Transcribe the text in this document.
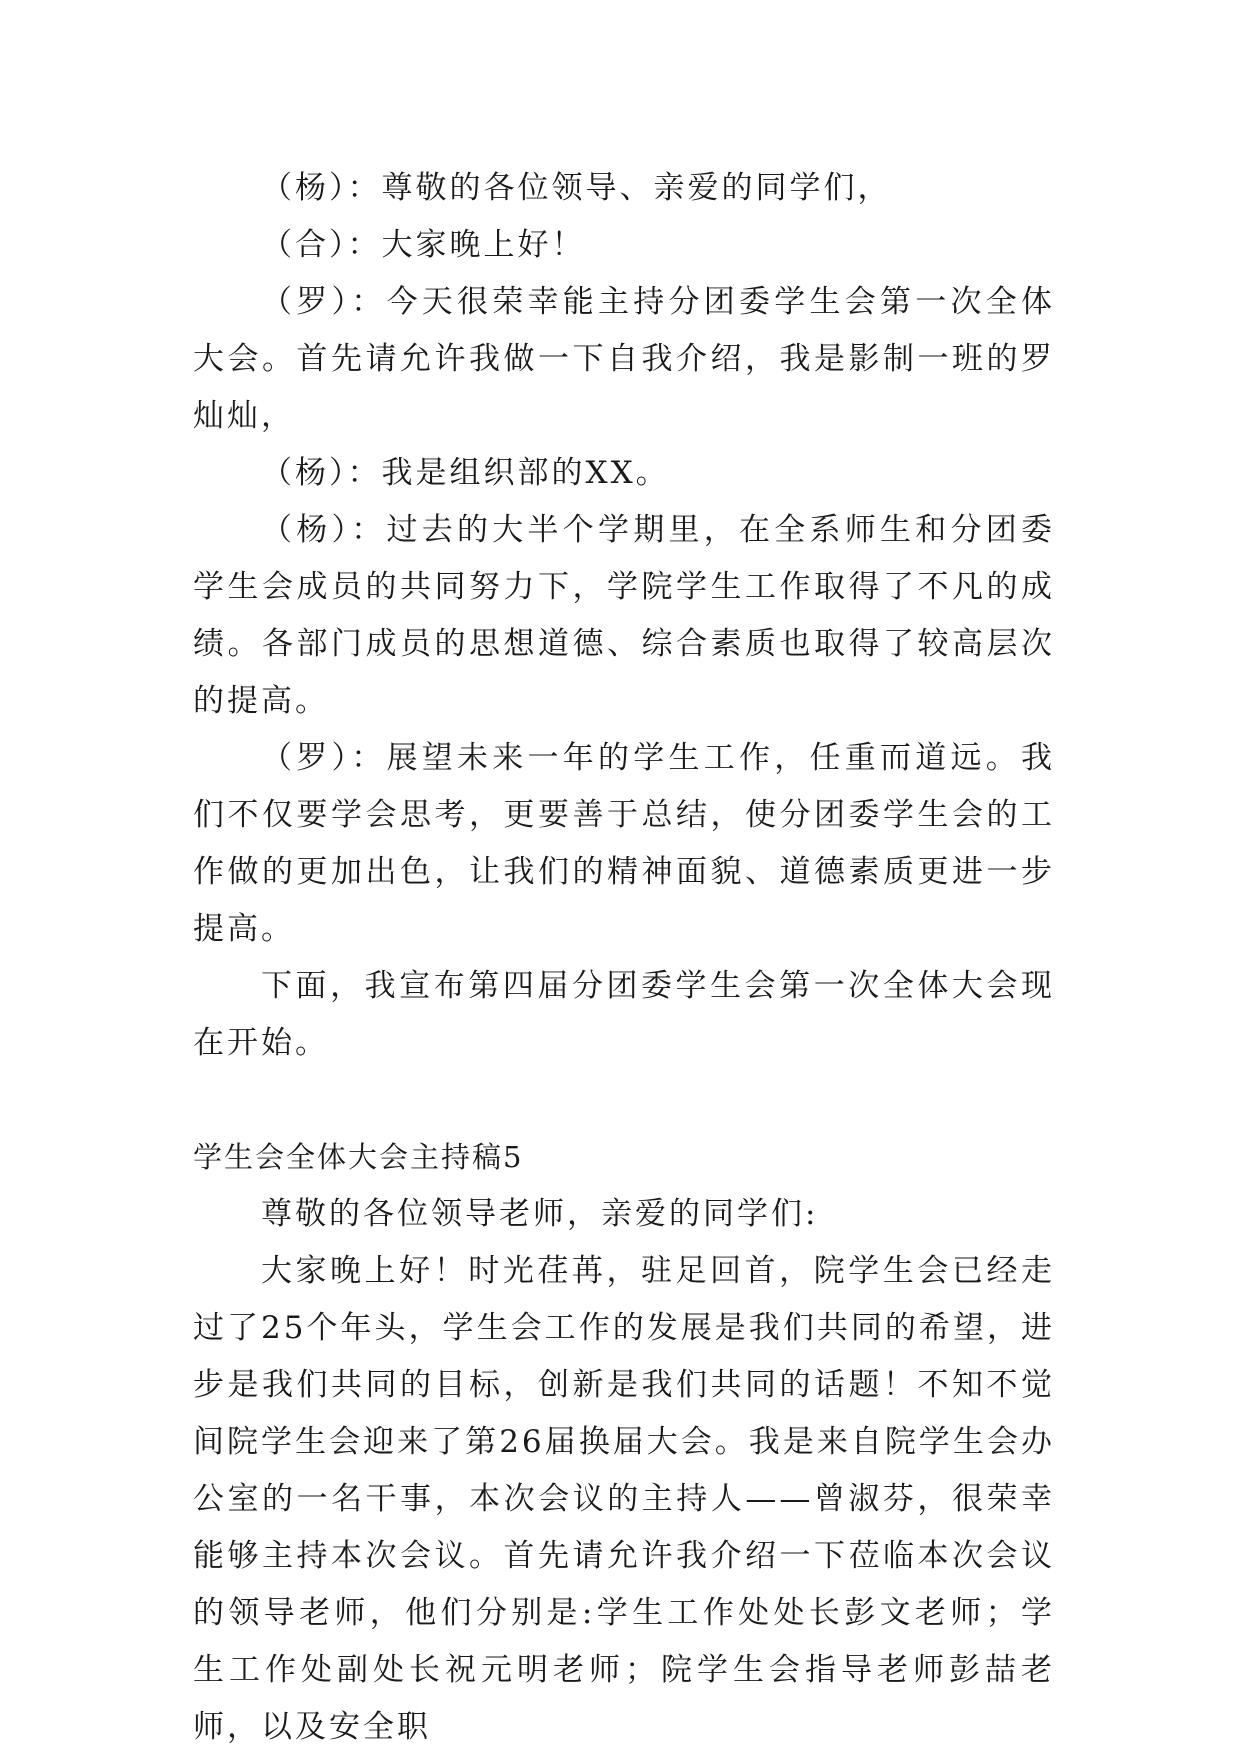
（杨）：尊敬的各位领导、亲爱的同学们，

（合）：大家晚上好！

（罗）：今天很荣幸能主持分团委学生会第一次全体大会。首先请允许我做一下自我介绍，我是影制一班的罗灿灿，

（杨）：我是组织部的XX。

（杨）：过去的大半个学期里，在全系师生和分团委学生会成员的共同努力下，学院学生工作取得了不凡的成绩。各部门成员的思想道德、综合素质也取得了较高层次的提高。

（罗）：展望未来一年的学生工作，任重而道远。我们不仅要学会思考，更要善于总结，使分团委学生会的工作做的更加出色，让我们的精神面貌、道德素质更进一步提高。

下面，我宣布第四届分团委学生会第一次全体大会现在开始。

学生会全体大会主持稿5

尊敬的各位领导老师，亲爱的同学们:

大家晚上好！时光荏苒，驻足回首，院学生会已经走过了25个年头，学生会工作的发展是我们共同的希望，进步是我们共同的目标，创新是我们共同的话题！不知不觉间院学生会迎来了第26届换届大会。我是来自院学生会办公室的一名干事，本次会议的主持人——曾淑芬，很荣幸能够主持本次会议。首先请允许我介绍一下莅临本次会议的领导老师，他们分别是:学生工作处处长彭文老师；学生工作处副处长祝元明老师；院学生会指导老师彭喆老师，以及安全职
